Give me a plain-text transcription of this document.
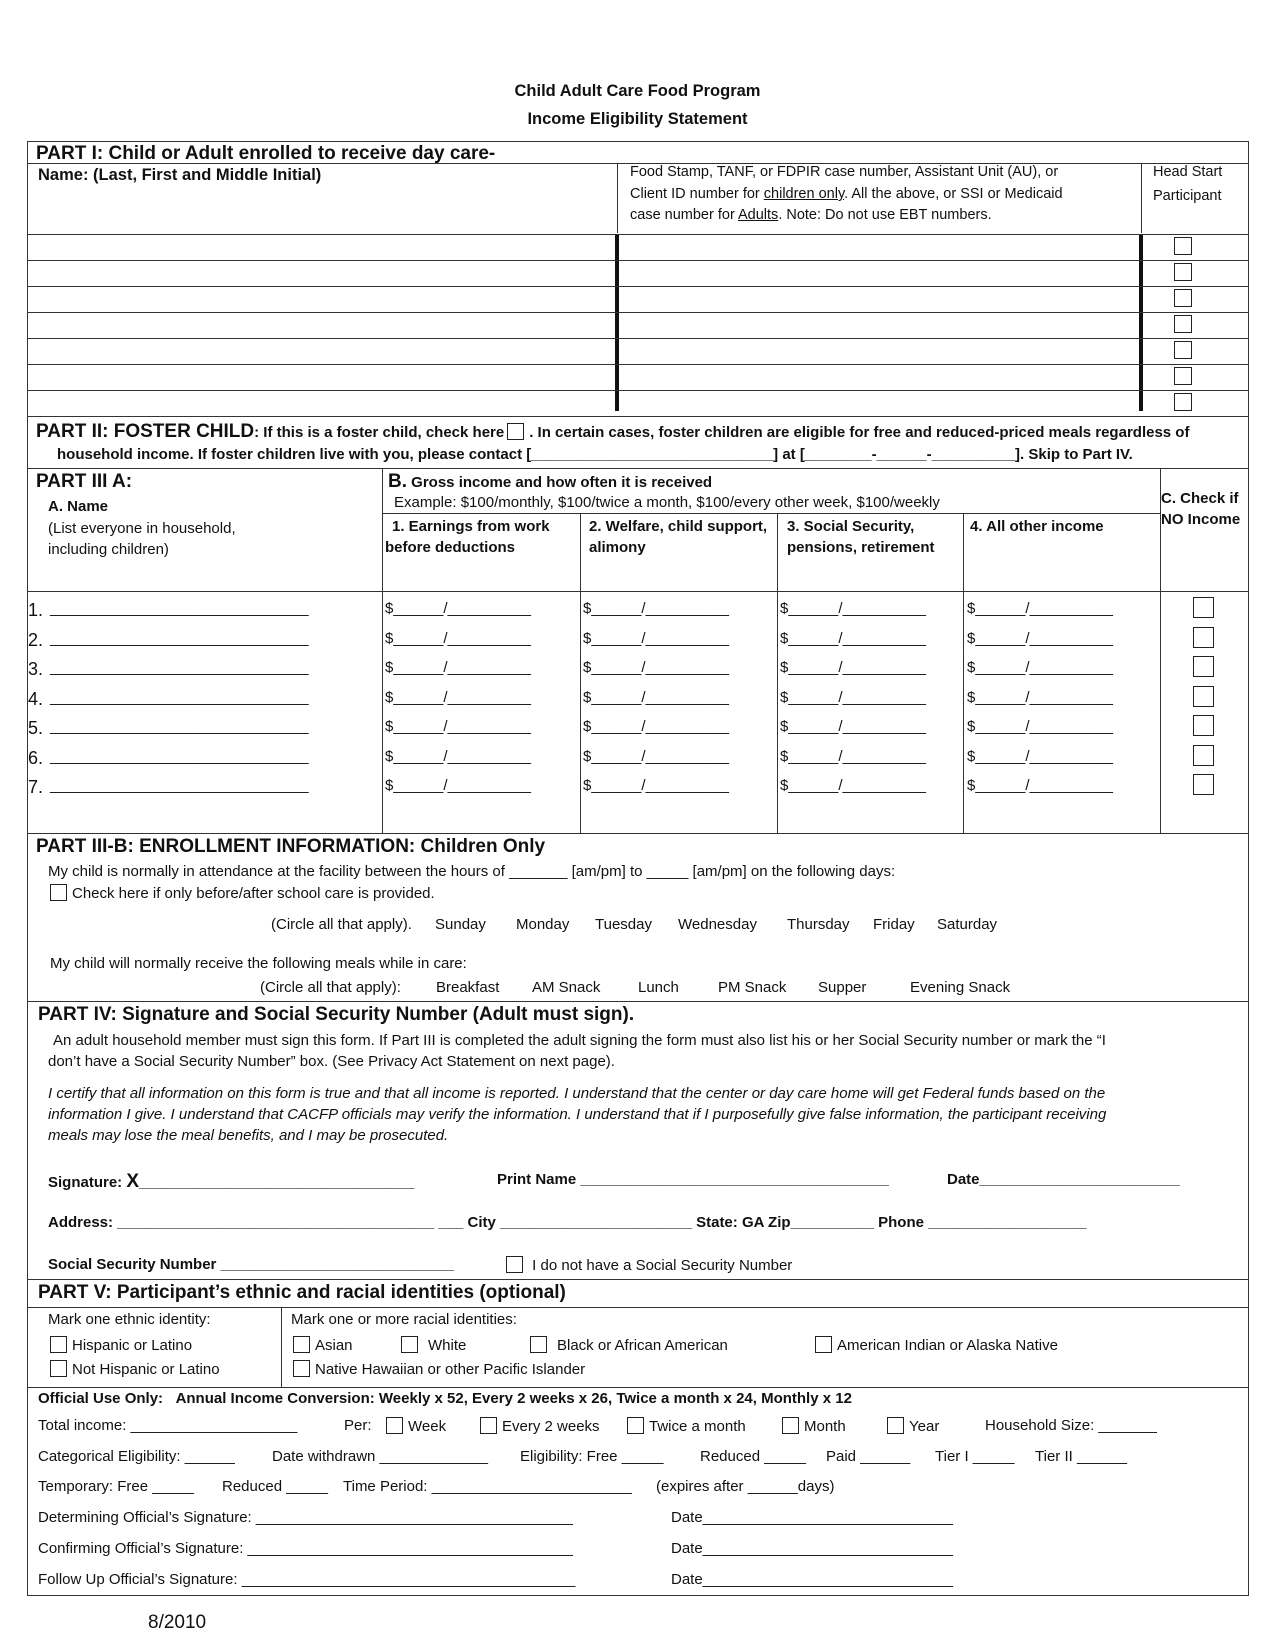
Child Adult Care Food Program
Income Eligibility Statement
PART I: Child or Adult enrolled to receive day care-
Name: (Last, First and Middle Initial)	Food Stamp, TANF, or FDPIR case number, Assistant Unit (AU), or
Client ID number for children only. All the above, or SSI or Medicaid
case number for Adults. Note: Do not use EBT numbers.
Head Start
Participant
PART II: FOSTER CHILD: If this is a foster child, check here . In certain cases, foster children are eligible for free and reduced-priced meals regardless of
household income. If foster children live with you, please contact [_____________________________] at [________-______-__________]. Skip to Part IV.
PART III A:
A. Name
(List everyone in household,
including children)
B. Gross income and how often it is received
Example: $100/monthly, $100/twice a month, $100/every other week, $100/weekly
1. Earnings from work
before deductions
2. Welfare, child support,
alimony
3. Social Security,
pensions, retirement
4. All other income
C. Check if
NO Income
1. _______________________________	$______/__________	$______/__________	$______/__________	$______/__________
2. _______________________________	$______/__________	$______/__________	$______/__________	$______/__________
3. _______________________________	$______/__________	$______/__________	$______/__________	$______/__________
4. _______________________________	$______/__________	$______/__________	$______/__________	$______/__________
5. _______________________________	$______/__________	$______/__________	$______/__________	$______/__________
6. _______________________________	$______/__________	$______/__________	$______/__________	$______/__________
7. _______________________________	$______/__________	$______/__________	$______/__________	$______/__________
PART III-B: ENROLLMENT INFORMATION: Children Only
My child is normally in attendance at the facility between the hours of _______ [am/pm] to _____ [am/pm] on the following days:
Check here if only before/after school care is provided.
(Circle all that apply). Sunday Monday Tuesday Wednesday Thursday Friday Saturday
My child will normally receive the following meals while in care:
(Circle all that apply): Breakfast AM Snack	Lunch	PM Snack Supper	Evening Snack
PART IV: Signature and Social Security Number (Adult must sign).
An adult household member must sign this form. If Part III is completed the adult signing the form must also list his or her Social Security number or mark the “I
don’t have a Social Security Number” box. (See Privacy Act Statement on next page).
I certify that all information on this form is true and that all income is reported. I understand that the center or day care home will get Federal funds based on the
information I give. I understand that CACFP officials may verify the information. I understand that if I purposefully give false information, the participant receiving
meals may lose the meal benefits, and I may be prosecuted.
Signature: X_________________________________	Print Name _____________________________________	Date________________________
Address: ______________________________________ ___ City _______________________ State: GA Zip__________ Phone ___________________
Social Security Number ____________________________	I do not have a Social Security Number
PART V: Participant’s ethnic and racial identities (optional)
Mark one ethnic identity:
Hispanic or Latino
Not Hispanic or Latino
Mark one or more racial identities:
Asian	White	Black or African American	American Indian or Alaska Native
Native Hawaiian or other Pacific Islander
Official Use Only: Annual Income Conversion: Weekly x 52, Every 2 weeks x 26, Twice a month x 24, Monthly x 12
Total income: ____________________	Per:	Week	Every 2 weeks	Twice a month	Month	Year	Household Size: _______
Categorical Eligibility: ______ Date withdrawn _____________ Eligibility: Free _____ Reduced _____ Paid ______ Tier I _____ Tier II ______
Temporary: Free _____ Reduced _____ Time Period: ________________________ (expires after ______days)
Determining Official’s Signature: ______________________________________	Date______________________________
Confirming Official’s Signature: _______________________________________	Date______________________________
Follow Up Official’s Signature: ________________________________________	Date______________________________
8/2010
